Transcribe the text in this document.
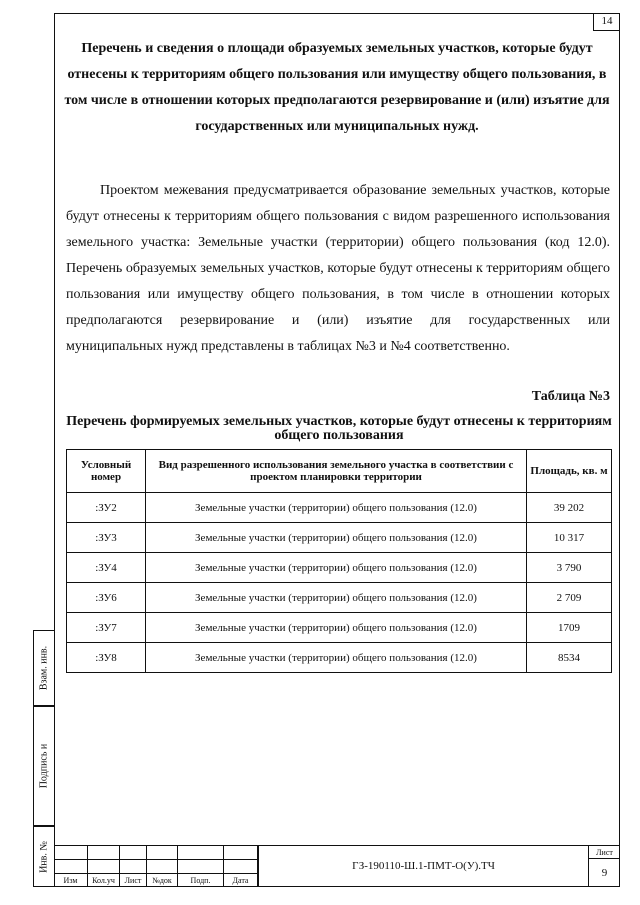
14
Перечень и сведения о площади образуемых земельных участков, которые будут отнесены к территориям общего пользования или имуществу общего пользования, в том числе в отношении которых предполагаются резервирование и (или) изъятие для государственных или муниципальных нужд.
Проектом межевания предусматривается образование земельных участков, которые будут отнесены к территориям общего пользования с видом разрешенного использования земельного участка: Земельные участки (территории) общего пользования (код 12.0). Перечень образуемых земельных участков, которые будут отнесены к территориям общего пользования или имуществу общего пользования, в том числе в отношении которых предполагаются резервирование и (или) изъятие для государственных или муниципальных нужд представлены в таблицах №3 и №4 соответственно.
Таблица №3
Перечень формируемых земельных участков, которые будут отнесены к территориям общего пользования
Условный номер	Вид разрешенного использования земельного участка в соответствии с проектом планировки территории	Площадь, кв. м
:ЗУ2	Земельные участки (территории) общего пользования (12.0)	39 202
:ЗУ3	Земельные участки (территории) общего пользования (12.0)	10 317
:ЗУ4	Земельные участки (территории) общего пользования (12.0)	3 790
:ЗУ6	Земельные участки (территории) общего пользования (12.0)	2 709
:ЗУ7	Земельные участки (территории) общего пользования (12.0)	1709
:ЗУ8	Земельные участки (территории) общего пользования (12.0)	8534
Взам. инв.
Подпись и
Инв. №
Изм	Кол.уч	Лист	№док	Подп.	Дата
ГЗ-190110-Ш.1-ПМТ-О(У).ТЧ
Лист
9
